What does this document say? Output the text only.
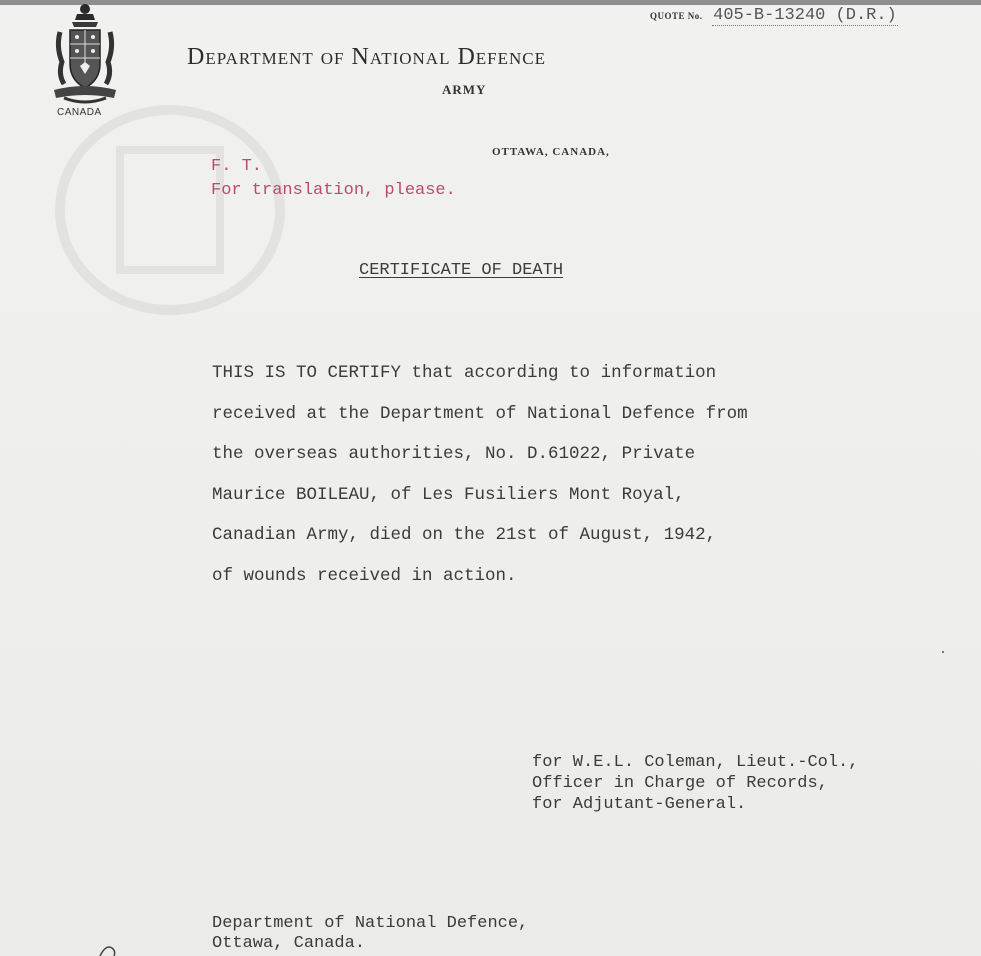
CANADA
QUOTE No. 405-B-13240 (D.R.)
Department of National Defence
ARMY
OTTAWA, CANADA,
F. T.
For translation, please.
CERTIFICATE OF DEATH
THIS IS TO CERTIFY that according to information
received at the Department of National Defence from
the overseas authorities, No. D.61022, Private
Maurice BOILEAU, of Les Fusiliers Mont Royal,
Canadian Army, died on the 21st of August, 1942,
of wounds received in action.
for W.E.L. Coleman, Lieut.-Col.,
Officer in Charge of Records,
for Adjutant-General.
Department of National Defence,
Ottawa, Canada.
